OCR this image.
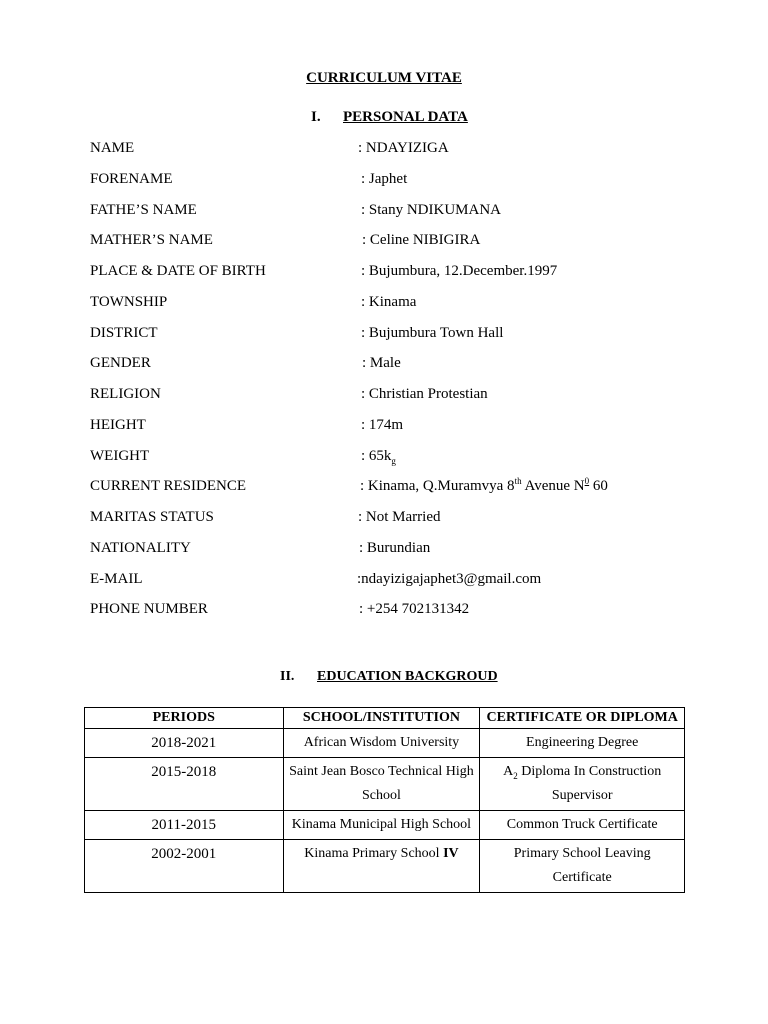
CURRICULUM VITAE
I. PERSONAL DATA
NAME	: NDAYIZIGA
FORENAME	: Japhet
FATHE’S NAME	: Stany NDIKUMANA
MATHER’S NAME	: Celine NIBIGIRA
PLACE & DATE OF BIRTH	: Bujumbura, 12.December.1997
TOWNSHIP	: Kinama
DISTRICT	: Bujumbura Town Hall
GENDER	: Male
RELIGION	: Christian Protestian
HEIGHT	: 174m
WEIGHT	: $65k_g$
CURRENT RESIDENCE	: Kinama, Q.Muramvya 8th Avenue $N^0$ 60
MARITAS STATUS	: Not Married
NATIONALITY	: Burundian
E-MAIL	:ndayizigajaphet3@gmail.com
PHONE NUMBER	: +254 702131342
II. EDUCATION BACKGROUD
PERIODS	SCHOOL/INSTITUTION	CERTIFICATE OR DIPLOMA
2018-2021	African Wisdom University	Engineering Degree
2015-2018	Saint Jean Bosco Technical High School	$A_2$ Diploma In Construction Supervisor
2011-2015	Kinama Municipal High School	Common Truck Certificate
2002-2001	Kinama Primary School IV	Primary School Leaving Certificate
